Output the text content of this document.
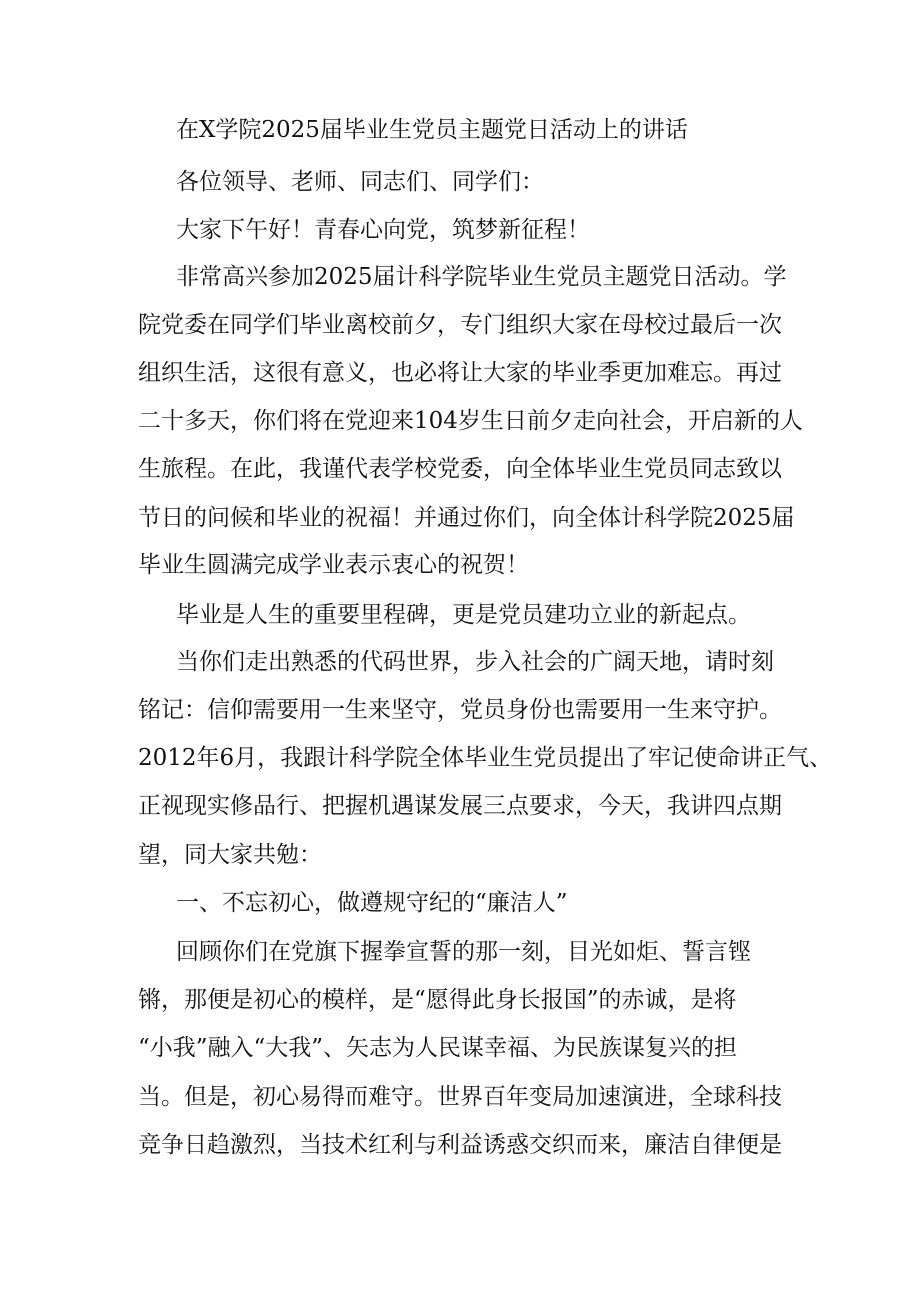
在X学院2025届毕业生党员主题党日活动上的讲话
各位领导、老师、同志们、同学们：
大家下午好！青春心向党，筑梦新征程！
非常高兴参加2025届计科学院毕业生党员主题党日活动。学
院党委在同学们毕业离校前夕，专门组织大家在母校过最后一次
组织生活，这很有意义，也必将让大家的毕业季更加难忘。再过
二十多天，你们将在党迎来104岁生日前夕走向社会，开启新的人
生旅程。在此，我谨代表学校党委，向全体毕业生党员同志致以
节日的问候和毕业的祝福！并通过你们，向全体计科学院2025届
毕业生圆满完成学业表示衷心的祝贺！
毕业是人生的重要里程碑，更是党员建功立业的新起点。
当你们走出熟悉的代码世界，步入社会的广阔天地，请时刻
铭记：信仰需要用一生来坚守，党员身份也需要用一生来守护。
2012年6月，我跟计科学院全体毕业生党员提出了牢记使命讲正气、
正视现实修品行、把握机遇谋发展三点要求，今天，我讲四点期
望，同大家共勉：
一、不忘初心，做遵规守纪的“廉洁人”
回顾你们在党旗下握拳宣誓的那一刻，目光如炬、誓言铿
锵，那便是初心的模样，是“愿得此身长报国”的赤诚，是将
“小我”融入“大我”、矢志为人民谋幸福、为民族谋复兴的担
当。但是，初心易得而难守。世界百年变局加速演进，全球科技
竞争日趋激烈，当技术红利与利益诱惑交织而来，廉洁自律便是
